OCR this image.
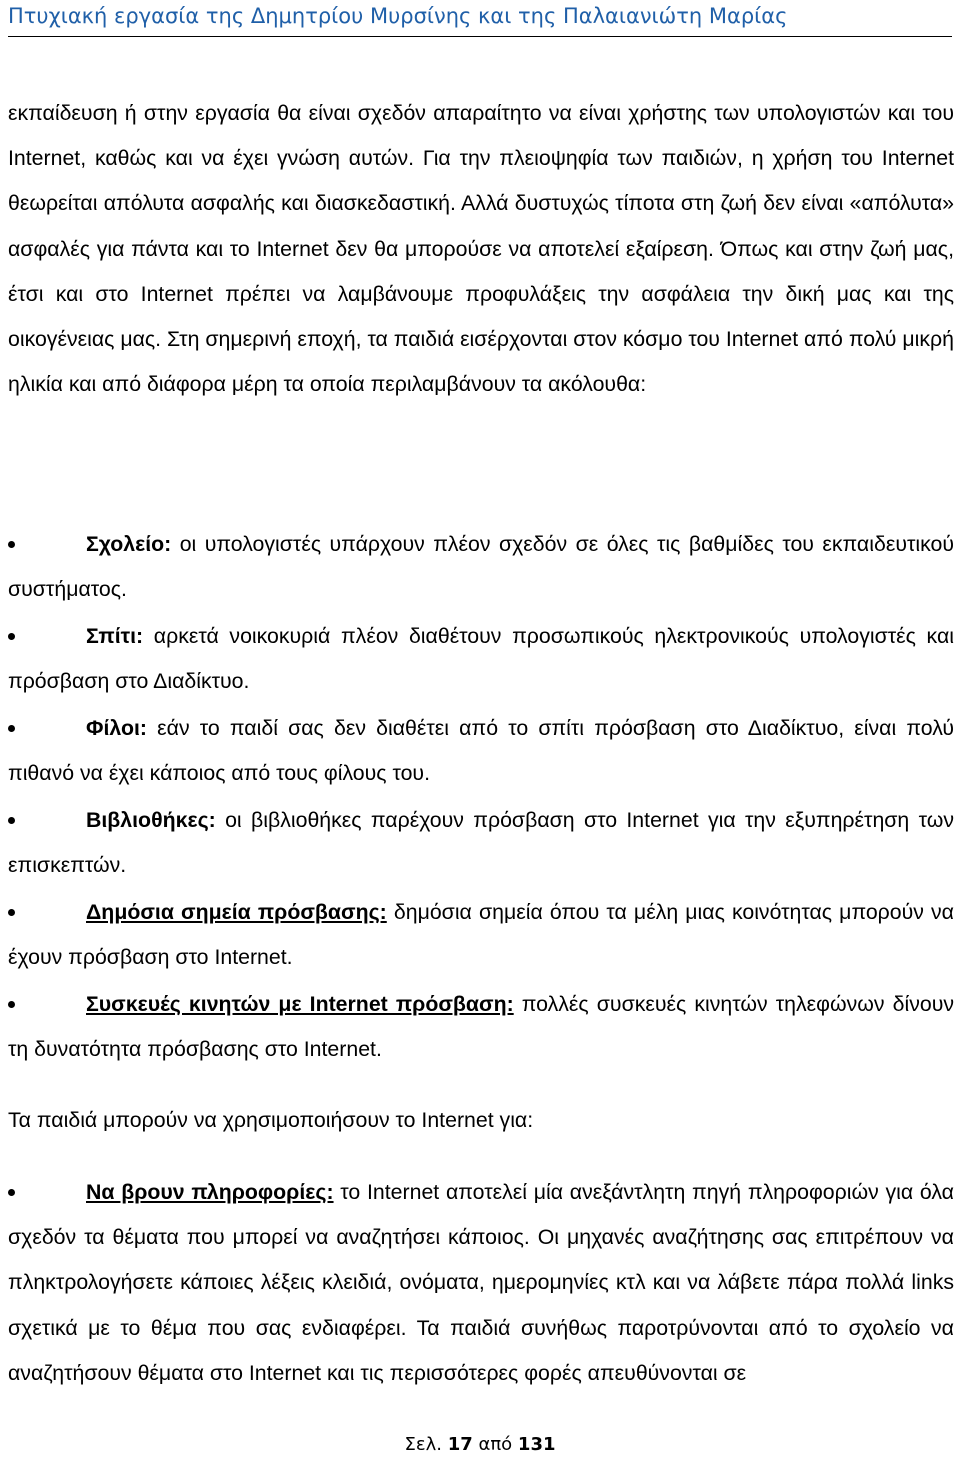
Πτυχιακή εργασία της Δημητρίου Μυρσίνης και της Παλαιανιώτη Μαρίας

εκπαίδευση ή στην εργασία θα είναι σχεδόν απαραίτητο να είναι χρήστης των υπολογιστών και του Internet, καθώς και να έχει γνώση αυτών. Για την πλειοψηφία των παιδιών, η χρήση του Internet θεωρείται απόλυτα ασφαλής και διασκεδαστική. Αλλά δυστυχώς τίποτα στη ζωή δεν είναι «απόλυτα» ασφαλές για πάντα και το Internet δεν θα μπορούσε να αποτελεί εξαίρεση. Όπως και στην ζωή μας, έτσι και στο Internet πρέπει να λαμβάνουμε προφυλάξεις την ασφάλεια την δική μας και της οικογένειας μας. Στη σημερινή εποχή, τα παιδιά εισέρχονται στον κόσμο του Internet από πολύ μικρή ηλικία και από διάφορα μέρη τα οποία περιλαμβάνουν τα ακόλουθα:

Σχολείο: οι υπολογιστές υπάρχουν πλέον σχεδόν σε όλες τις βαθμίδες του εκπαιδευτικού συστήματος.

Σπίτι: αρκετά νοικοκυριά πλέον διαθέτουν προσωπικούς ηλεκτρονικούς υπολογιστές και πρόσβαση στο Διαδίκτυο.

Φίλοι: εάν το παιδί σας δεν διαθέτει από το σπίτι πρόσβαση στο Διαδίκτυο, είναι πολύ πιθανό να έχει κάποιος από τους φίλους του.

Βιβλιοθήκες: οι βιβλιοθήκες παρέχουν πρόσβαση στο Internet για την εξυπηρέτηση των επισκεπτών.

Δημόσια σημεία πρόσβασης: δημόσια σημεία όπου τα μέλη μιας κοινότητας μπορούν να έχουν πρόσβαση στο Internet.

Συσκευές κινητών με Internet πρόσβαση: πολλές συσκευές κινητών τηλεφώνων δίνουν τη δυνατότητα πρόσβασης στο Internet.

Τα παιδιά μπορούν να χρησιμοποιήσουν το Internet για:

Να βρουν πληροφορίες: το Internet αποτελεί μία ανεξάντλητη πηγή πληροφοριών για όλα σχεδόν τα θέματα που μπορεί να αναζητήσει κάποιος. Οι μηχανές αναζήτησης σας επιτρέπουν να πληκτρολογήσετε κάποιες λέξεις κλειδιά, ονόματα, ημερομηνίες κτλ και να λάβετε πάρα πολλά links σχετικά με το θέμα που σας ενδιαφέρει. Τα παιδιά συνήθως παροτρύνονται από το σχολείο να αναζητήσουν θέματα στο Internet και τις περισσότερες φορές απευθύνονται σε

Σελ. 17 από 131
